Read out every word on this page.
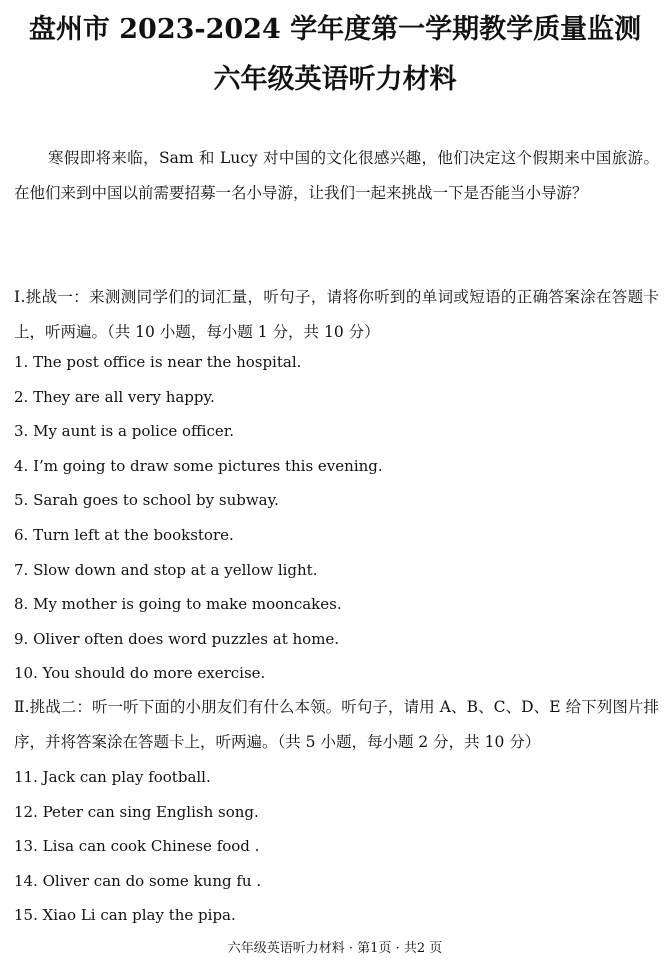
盘州市 2023-2024 学年度第一学期教学质量监测
六年级英语听力材料
寒假即将来临，Sam 和 Lucy 对中国的文化很感兴趣，他们决定这个假期来中国旅游。在他们来到中国以前需要招募一名小导游，让我们一起来挑战一下是否能当小导游？
Ⅰ.挑战一：来测测同学们的词汇量，听句子，请将你听到的单词或短语的正确答案涂在答题卡上，听两遍。（共 10 小题，每小题 1 分，共 10 分）
1. The post office is near the hospital.
2. They are all very happy.
3. My aunt is a police officer.
4. I’m going to draw some pictures this evening.
5. Sarah goes to school by subway.
6. Turn left at the bookstore.
7. Slow down and stop at a yellow light.
8. My mother is going to make mooncakes.
9. Oliver often does word puzzles at home.
10. You should do more exercise.
Ⅱ.挑战二：听一听下面的小朋友们有什么本领。听句子，请用 A、B、C、D、E 给下列图片排序，并将答案涂在答题卡上，听两遍。（共 5 小题，每小题 2 分，共 10 分）
11. Jack can play football.
12. Peter can sing English song.
13. Lisa can cook Chinese food .
14. Oliver can do some kung fu .
15. Xiao Li can play the pipa.
六年级英语听力材料 · 第1页 · 共2 页
